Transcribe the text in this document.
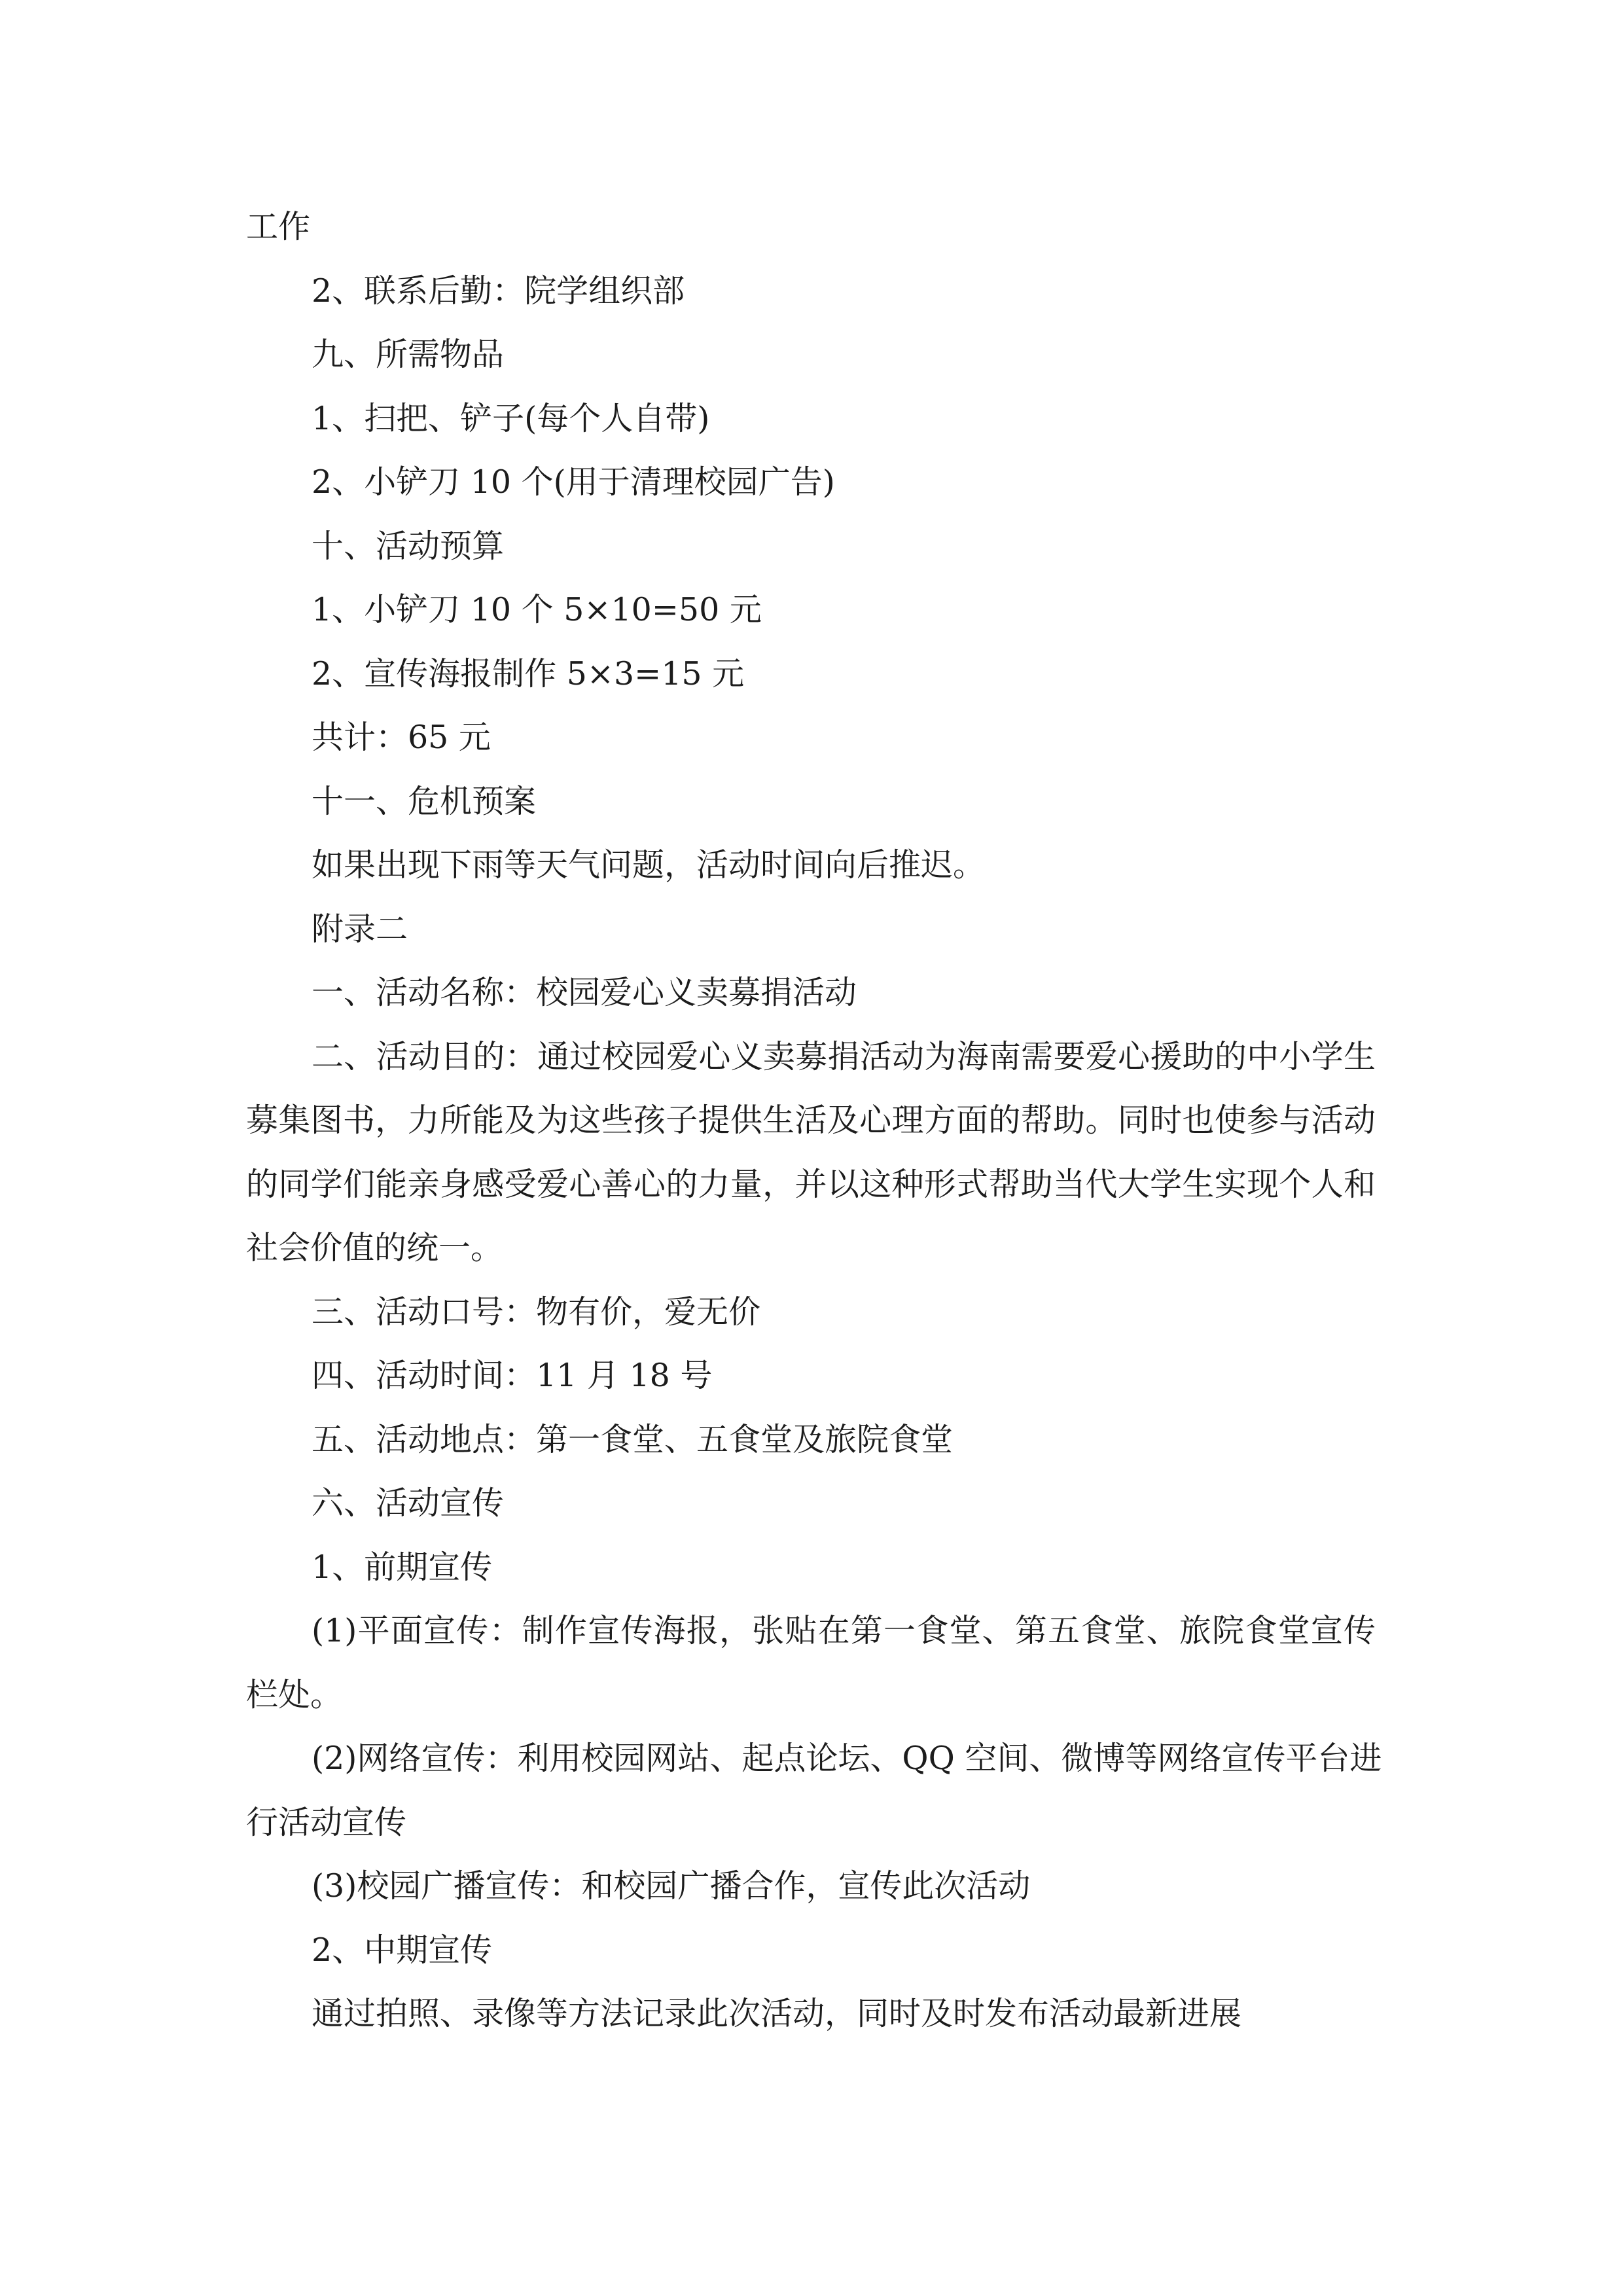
工作
2、联系后勤：院学组织部
九、所需物品
1、扫把、铲子(每个人自带)
2、小铲刀 10 个(用于清理校园广告)
十、活动预算
1、小铲刀 10 个 5×10=50 元
2、宣传海报制作 5×3=15 元
共计：65 元
十一、危机预案
如果出现下雨等天气问题，活动时间向后推迟。
附录二
一、活动名称：校园爱心义卖募捐活动
二、活动目的：通过校园爱心义卖募捐活动为海南需要爱心援助的中小学生
募集图书，力所能及为这些孩子提供生活及心理方面的帮助。同时也使参与活动
的同学们能亲身感受爱心善心的力量，并以这种形式帮助当代大学生实现个人和
社会价值的统一。
三、活动口号：物有价，爱无价
四、活动时间：11 月 18 号
五、活动地点：第一食堂、五食堂及旅院食堂
六、活动宣传
1、前期宣传
(1)平面宣传：制作宣传海报，张贴在第一食堂、第五食堂、旅院食堂宣传
栏处。
(2)网络宣传：利用校园网站、起点论坛、QQ 空间、微博等网络宣传平台进
行活动宣传
(3)校园广播宣传：和校园广播合作，宣传此次活动
2、中期宣传
通过拍照、录像等方法记录此次活动，同时及时发布活动最新进展
